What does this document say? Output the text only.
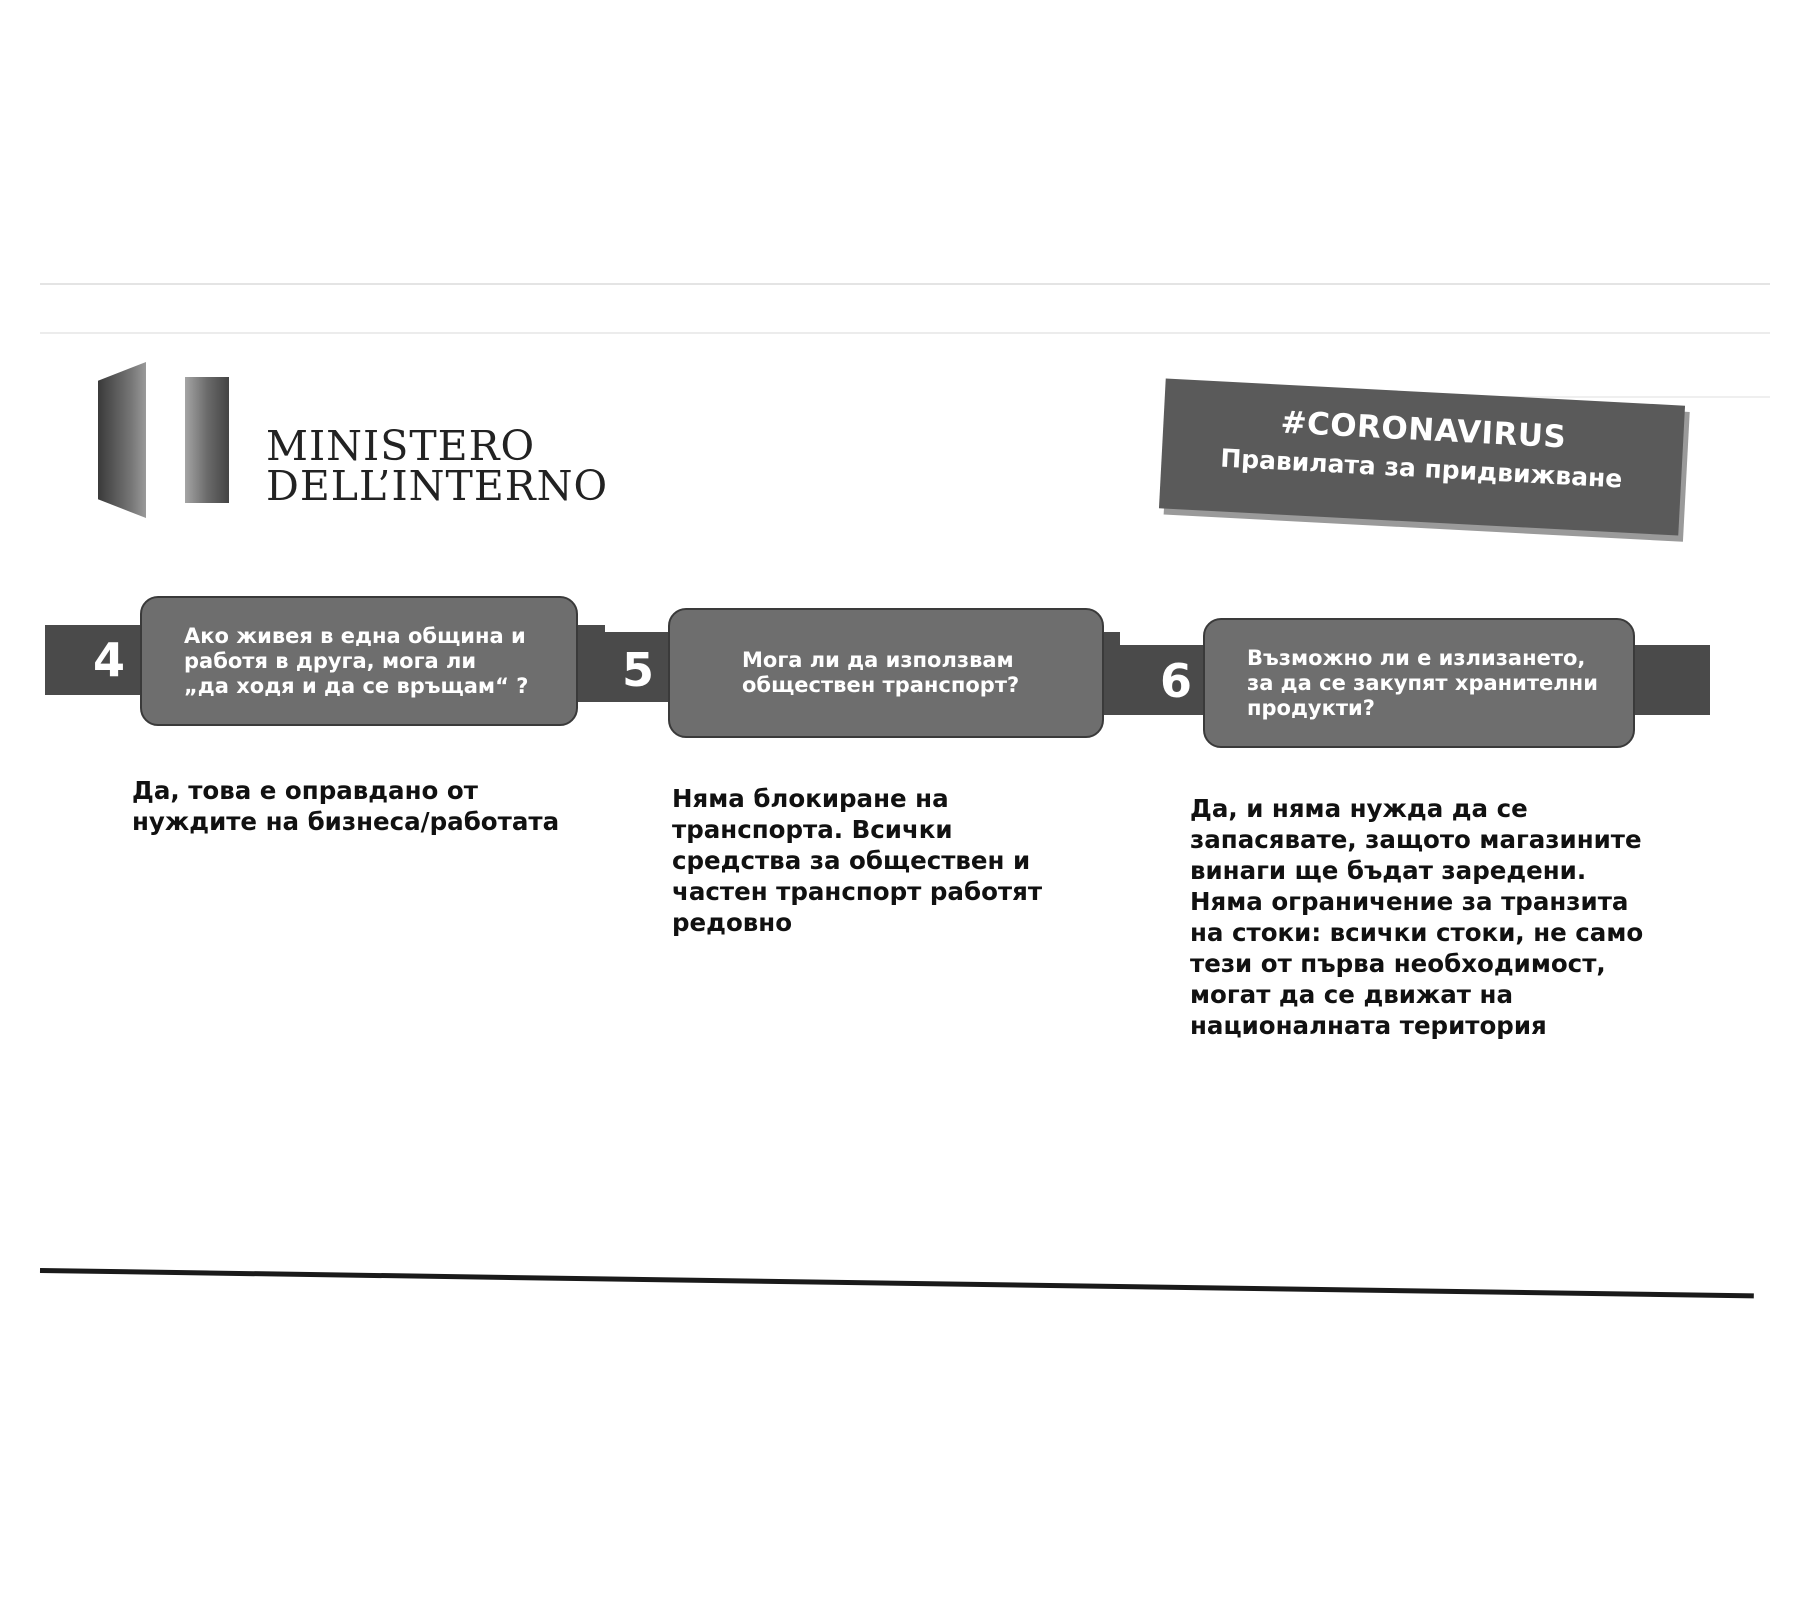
MINISTERO
DELL’INTERNO
#CORONAVIRUS
Правилата за придвижване
4	5	6
Ако живея в една община и
работя в друга, мога ли
„да ходя и да се връщам“ ?
Мога ли да използвам
обществен транспорт?
Възможно ли е излизането,
за да се закупят хранителни
продукти?
Да, това е оправдано от
нуждите на бизнеса/работата
Няма блокиране на
транспорта. Всички
средства за обществен и
частен транспорт работят
редовно
Да, и няма нужда да се
запасявате, защото магазините
винаги ще бъдат заредени.
Няма ограничение за транзита
на стоки: всички стоки, не само
тези от първа необходимост,
могат да се движат на
националната територия
